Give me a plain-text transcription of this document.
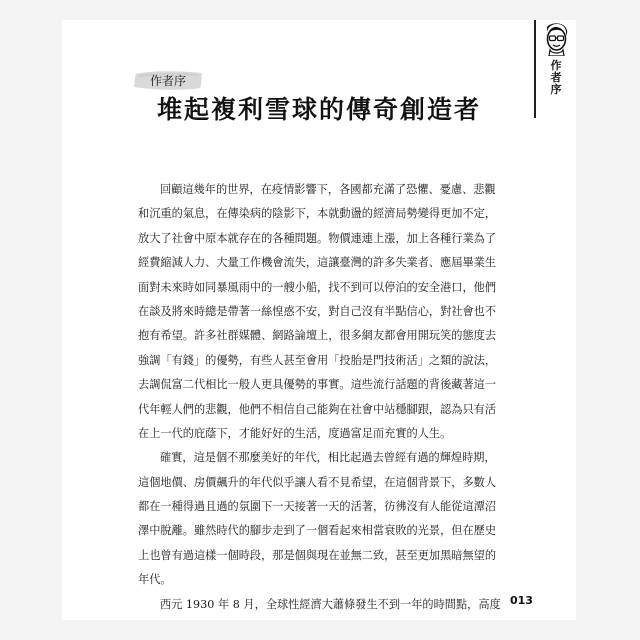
作
者
序
作者序
堆起複利雪球的傳奇創造者
回顧這幾年的世界，在疫情影響下，各國都充滿了恐懼、憂慮、悲觀
和沉重的氣息，在傳染病的陰影下，本就動盪的經濟局勢變得更加不定，
放大了社會中原本就存在的各種問題。物價連連上漲，加上各種行業為了
經費縮減人力、大量工作機會流失，這讓臺灣的許多失業者、應屆畢業生
面對未來時如同暴風雨中的一艘小船，找不到可以停泊的安全港口，他們
在談及將來時總是帶著一絲惶惑不安，對自己沒有半點信心，對社會也不
抱有希望。許多社群媒體、網路論壇上，很多網友都會用開玩笑的態度去
強調「有錢」的優勢，有些人甚至會用「投胎是門技術活」之類的說法，
去調侃富二代相比一般人更具優勢的事實。這些流行話題的背後藏著這一
代年輕人們的悲觀，他們不相信自己能夠在社會中站穩腳跟，認為只有活
在上一代的庇蔭下，才能好好的生活，度過富足而充實的人生。
確實，這是個不那麼美好的年代，相比起過去曾經有過的輝煌時期，
這個地價、房價飆升的年代似乎讓人看不見希望，在這個背景下，多數人
都在一種得過且過的氛圍下一天接著一天的活著，彷彿沒有人能從這潭沼
澤中脫離。雖然時代的腳步走到了一個看起來相當衰敗的光景，但在歷史
上也曾有過這樣一個時段，那是個與現在並無二致，甚至更加黑暗無望的
年代。
西元 1930 年 8 月，全球性經濟大蕭條發生不到一年的時間點，高度 013
